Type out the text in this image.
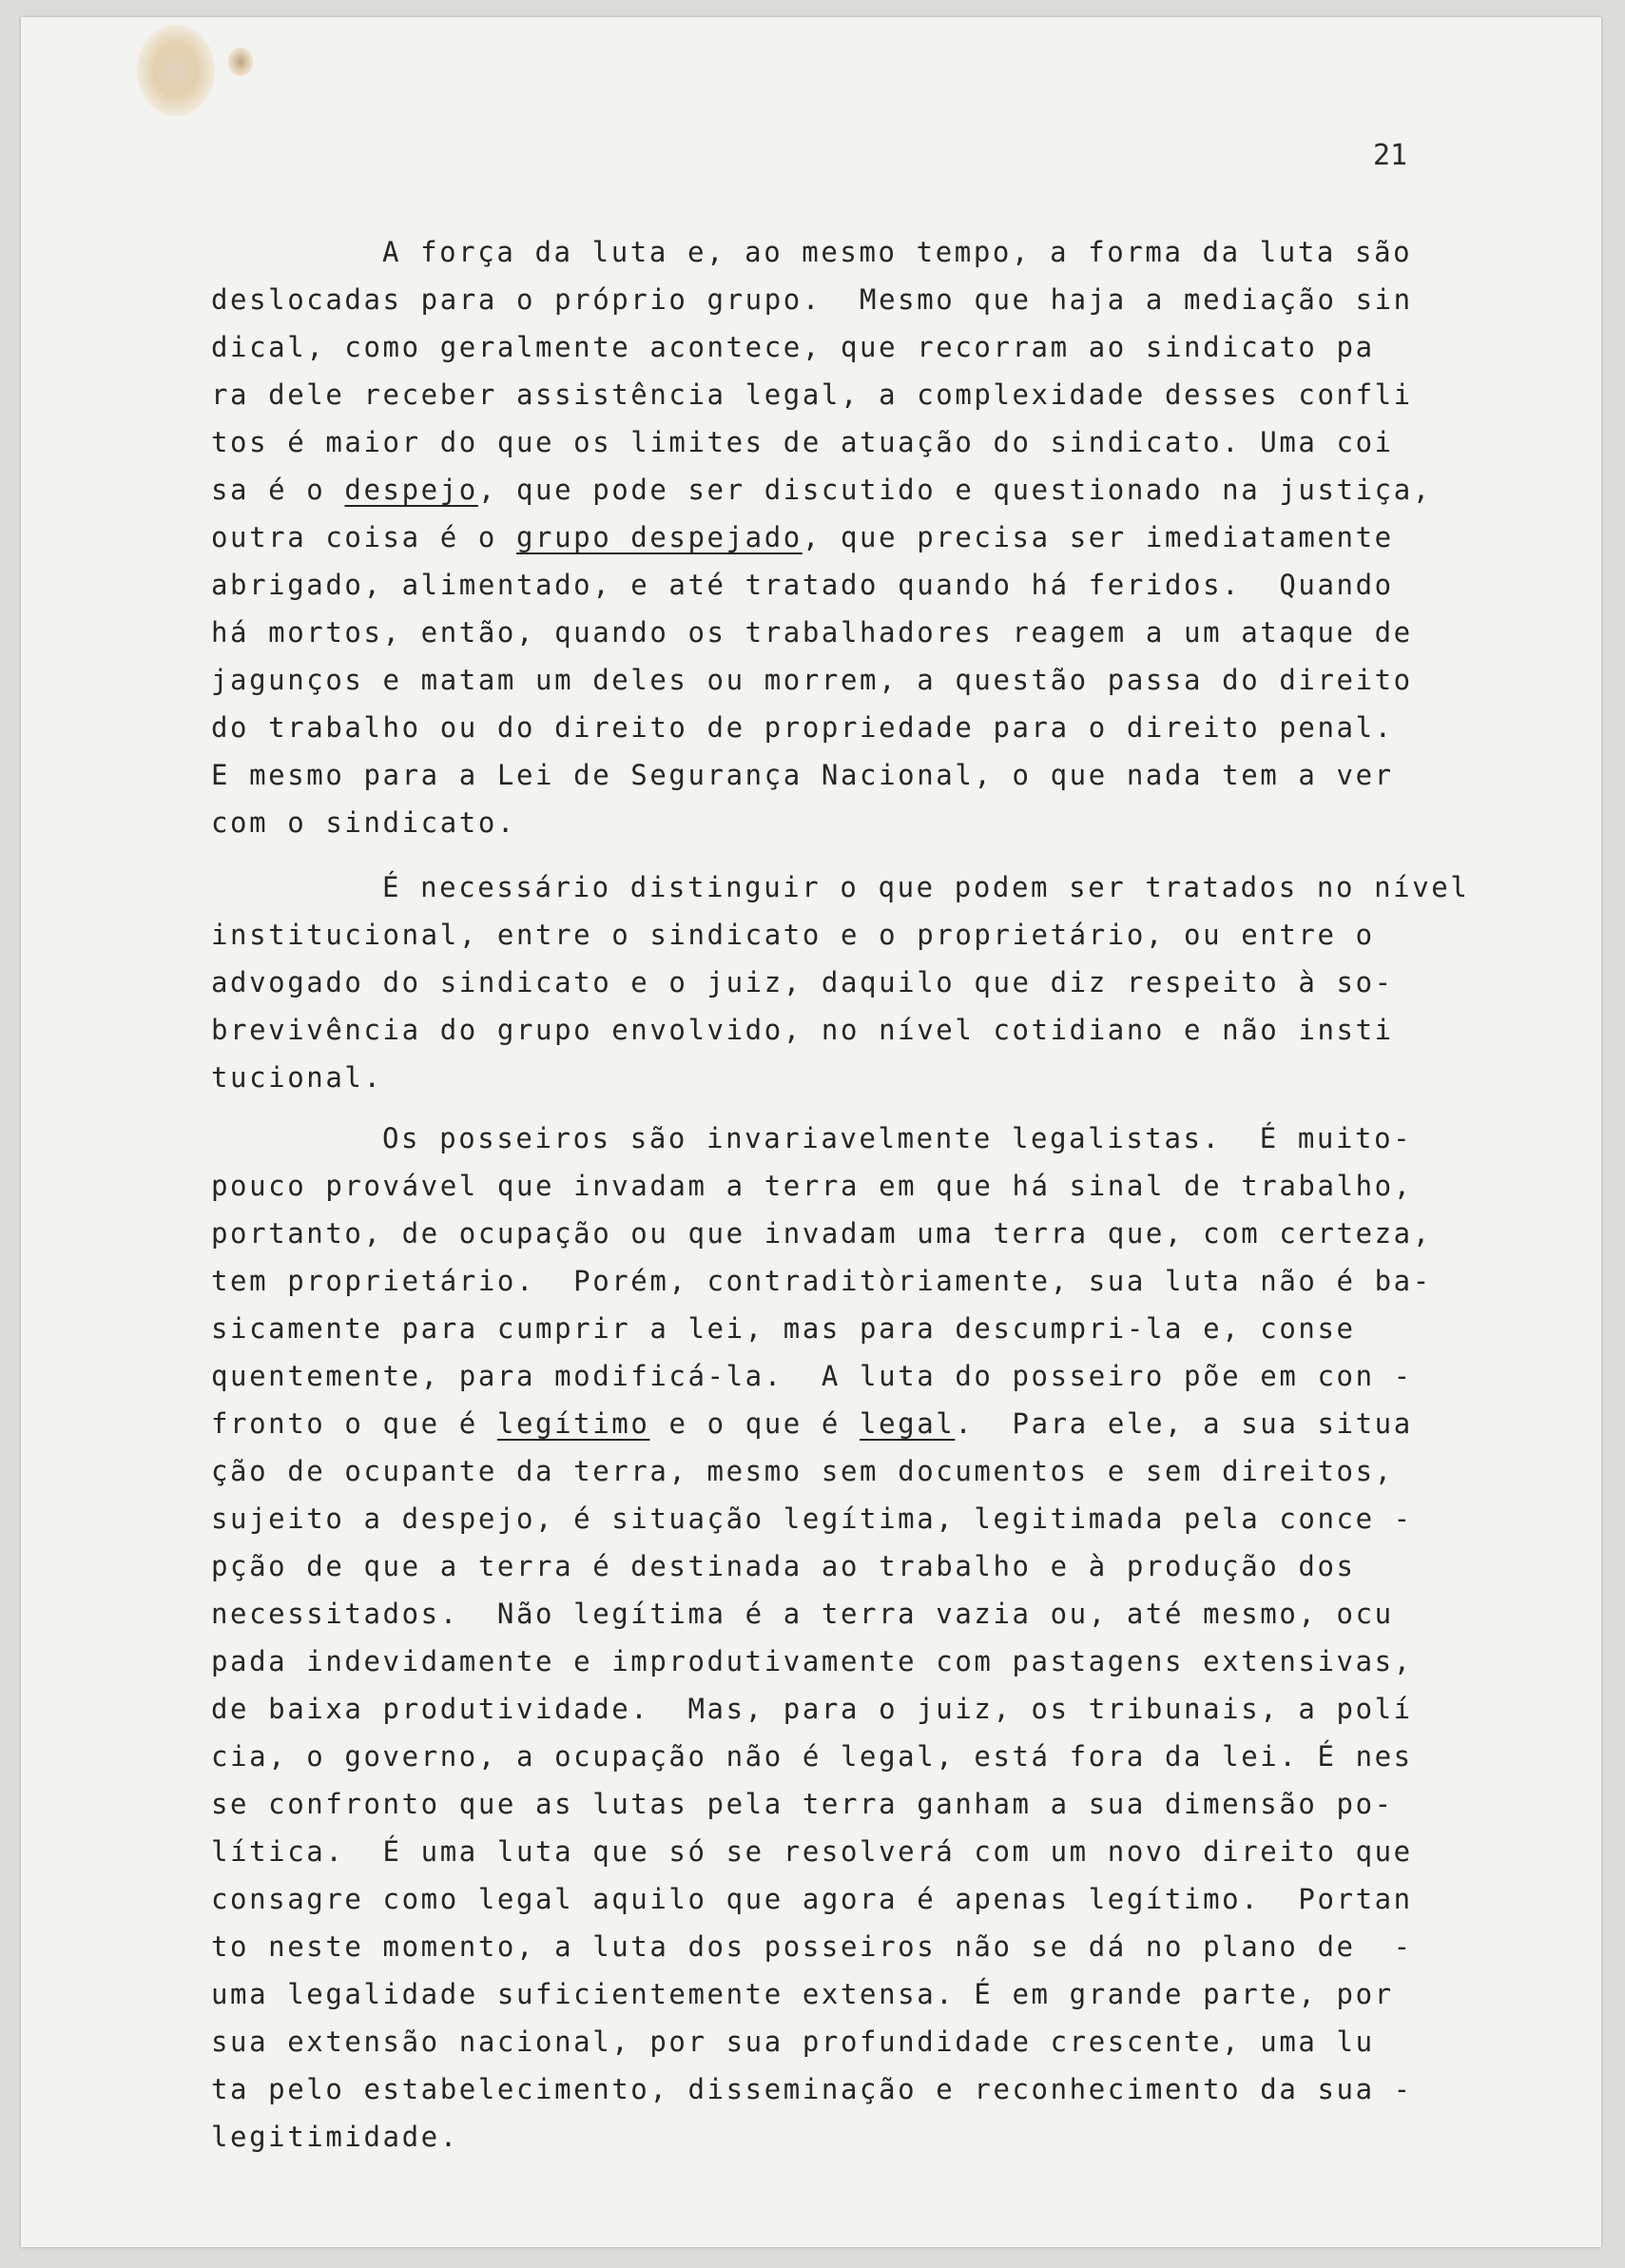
21
A força da luta e, ao mesmo tempo, a forma da luta são
deslocadas para o próprio grupo.  Mesmo que haja a mediação sin
dical, como geralmente acontece, que recorram ao sindicato pa
ra dele receber assistência legal, a complexidade desses confli
tos é maior do que os limites de atuação do sindicato. Uma coi
sa é o despejo, que pode ser discutido e questionado na justiça,
outra coisa é o grupo despejado, que precisa ser imediatamente
abrigado, alimentado, e até tratado quando há feridos.  Quando
há mortos, então, quando os trabalhadores reagem a um ataque de
jagunços e matam um deles ou morrem, a questão passa do direito
do trabalho ou do direito de propriedade para o direito penal.
E mesmo para a Lei de Segurança Nacional, o que nada tem a ver
com o sindicato.
É necessário distinguir o que podem ser tratados no nível
institucional, entre o sindicato e o proprietário, ou entre o
advogado do sindicato e o juiz, daquilo que diz respeito à so-
brevivência do grupo envolvido, no nível cotidiano e não insti
tucional.
Os posseiros são invariavelmente legalistas.  É muito-
pouco provável que invadam a terra em que há sinal de trabalho,
portanto, de ocupação ou que invadam uma terra que, com certeza,
tem proprietário.  Porém, contraditòriamente, sua luta não é ba-
sicamente para cumprir a lei, mas para descumpri-la e, conse
quentemente, para modificá-la.  A luta do posseiro põe em con -
fronto o que é legítimo e o que é legal.  Para ele, a sua situa
ção de ocupante da terra, mesmo sem documentos e sem direitos,
sujeito a despejo, é situação legítima, legitimada pela conce -
pção de que a terra é destinada ao trabalho e à produção dos
necessitados.  Não legítima é a terra vazia ou, até mesmo, ocu
pada indevidamente e improdutivamente com pastagens extensivas,
de baixa produtividade.  Mas, para o juiz, os tribunais, a polí
cia, o governo, a ocupação não é legal, está fora da lei. É nes
se confronto que as lutas pela terra ganham a sua dimensão po-
lítica.  É uma luta que só se resolverá com um novo direito que
consagre como legal aquilo que agora é apenas legítimo.  Portan
to neste momento, a luta dos posseiros não se dá no plano de  -
uma legalidade suficientemente extensa. É em grande parte, por
sua extensão nacional, por sua profundidade crescente, uma lu
ta pelo estabelecimento, disseminação e reconhecimento da sua -
legitimidade.
